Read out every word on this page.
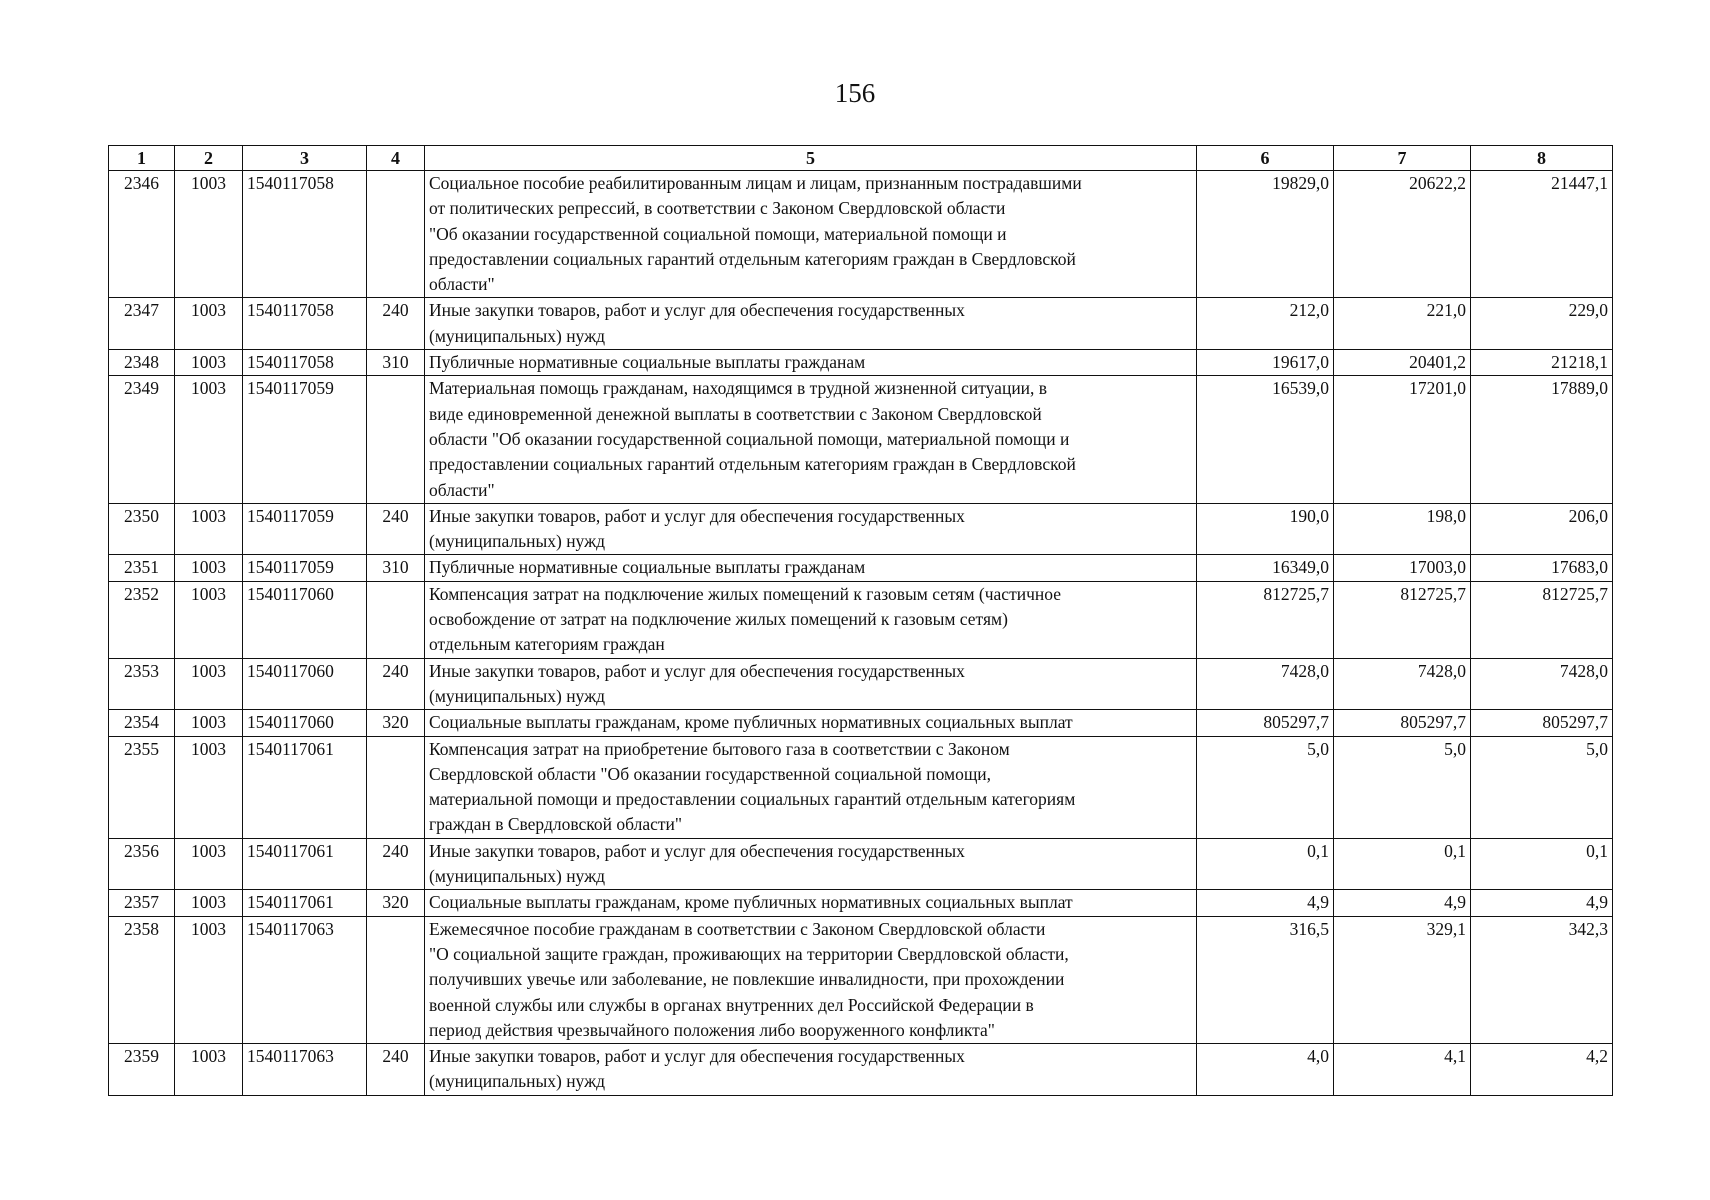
156
1	2	3	4	5	6	7	8
2346	1003	1540117058		Социальное пособие реабилитированным лицам и лицам, признанным пострадавшими
от политических репрессий, в соответствии с Законом Свердловской области
"Об оказании государственной социальной помощи, материальной помощи и
предоставлении социальных гарантий отдельным категориям граждан в Свердловской
области"	19829,0	20622,2	21447,1
2347	1003	1540117058	240	Иные закупки товаров, работ и услуг для обеспечения государственных
(муниципальных) нужд	212,0	221,0	229,0
2348	1003	1540117058	310	Публичные нормативные социальные выплаты гражданам	19617,0	20401,2	21218,1
2349	1003	1540117059		Материальная помощь гражданам, находящимся в трудной жизненной ситуации, в
виде единовременной денежной выплаты в соответствии с Законом Свердловской
области "Об оказании государственной социальной помощи, материальной помощи и
предоставлении социальных гарантий отдельным категориям граждан в Свердловской
области"	16539,0	17201,0	17889,0
2350	1003	1540117059	240	Иные закупки товаров, работ и услуг для обеспечения государственных
(муниципальных) нужд	190,0	198,0	206,0
2351	1003	1540117059	310	Публичные нормативные социальные выплаты гражданам	16349,0	17003,0	17683,0
2352	1003	1540117060		Компенсация затрат на подключение жилых помещений к газовым сетям (частичное
освобождение от затрат на подключение жилых помещений к газовым сетям)
отдельным категориям граждан	812725,7	812725,7	812725,7
2353	1003	1540117060	240	Иные закупки товаров, работ и услуг для обеспечения государственных
(муниципальных) нужд	7428,0	7428,0	7428,0
2354	1003	1540117060	320	Социальные выплаты гражданам, кроме публичных нормативных социальных выплат	805297,7	805297,7	805297,7
2355	1003	1540117061		Компенсация затрат на приобретение бытового газа в соответствии с Законом
Свердловской области "Об оказании государственной социальной помощи,
материальной помощи и предоставлении социальных гарантий отдельным категориям
граждан в Свердловской области"	5,0	5,0	5,0
2356	1003	1540117061	240	Иные закупки товаров, работ и услуг для обеспечения государственных
(муниципальных) нужд	0,1	0,1	0,1
2357	1003	1540117061	320	Социальные выплаты гражданам, кроме публичных нормативных социальных выплат	4,9	4,9	4,9
2358	1003	1540117063		Ежемесячное пособие гражданам в соответствии с Законом Свердловской области
"О социальной защите граждан, проживающих на территории Свердловской области,
получивших увечье или заболевание, не повлекшие инвалидности, при прохождении
военной службы или службы в органах внутренних дел Российской Федерации в
период действия чрезвычайного положения либо вооруженного конфликта"	316,5	329,1	342,3
2359	1003	1540117063	240	Иные закупки товаров, работ и услуг для обеспечения государственных
(муниципальных) нужд	4,0	4,1	4,2
